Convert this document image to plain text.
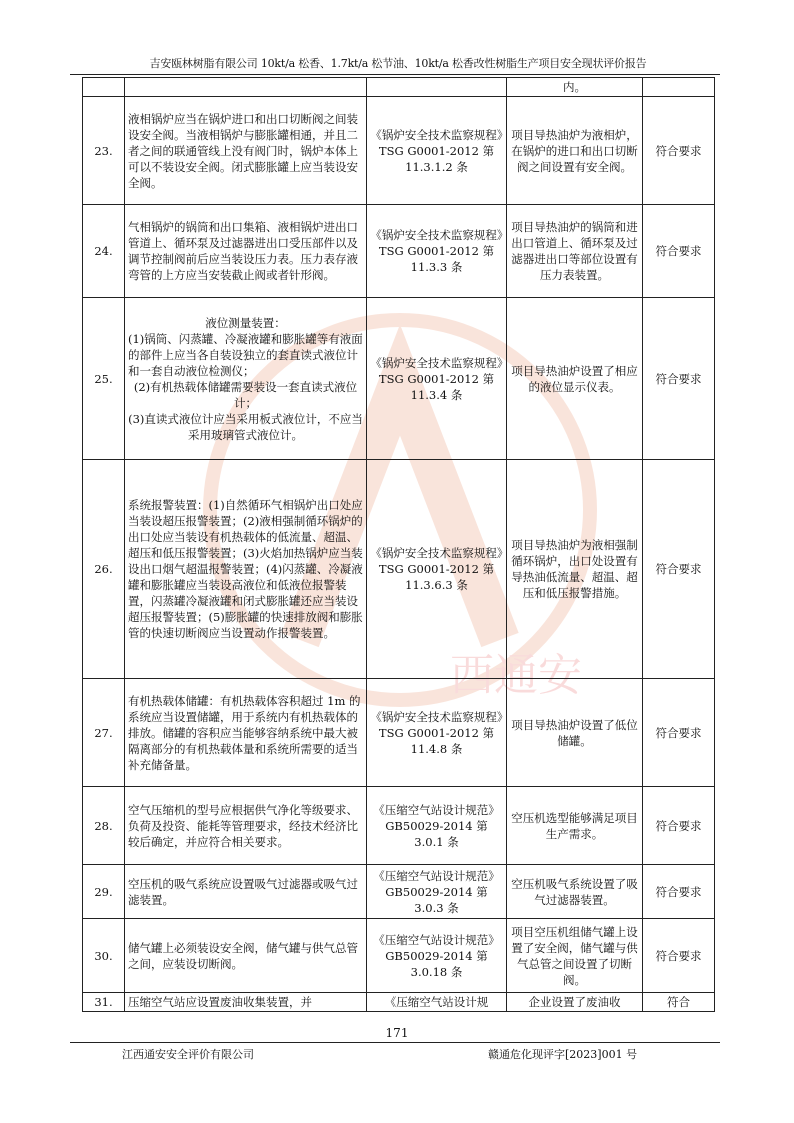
吉安瓯林树脂有限公司 10kt/a 松香、1.7kt/a 松节油、10kt/a 松香改性树脂生产项目安全现状评价报告
西通安
			内。	
23.	液相锅炉应当在锅炉进口和出口切断阀之间装设安全阀。当液相锅炉与膨胀罐相通，并且二者之间的联通管线上没有阀门时，锅炉本体上可以不装设安全阀。闭式膨胀罐上应当装设安全阀。	《锅炉安全技术监察规程》TSG G0001-2012 第11.3.1.2 条	项目导热油炉为液相炉，在锅炉的进口和出口切断阀之间设置有安全阀。	符合要求
24.	气相锅炉的锅筒和出口集箱、液相锅炉进出口管道上、循环泵及过滤器进出口受压部件以及调节控制阀前后应当装设压力表。压力表存液弯管的上方应当安装截止阀或者针形阀。	《锅炉安全技术监察规程》TSG G0001-2012 第11.3.3 条	项目导热油炉的锅筒和进出口管道上、循环泵及过滤器进出口等部位设置有压力表装置。	符合要求
25.	液位测量装置：
(1)锅筒、闪蒸罐、冷凝液罐和膨胀罐等有液面的部件上应当各自装设独立的套直读式液位计和一套自动液位检测仪；
(2)有机热载体储罐需要装设一套直读式液位计；
(3)直读式液位计应当采用板式液位计，不应当采用玻璃管式液位计。	《锅炉安全技术监察规程》TSG G0001-2012 第11.3.4 条	项目导热油炉设置了相应的液位显示仪表。	符合要求
26.	系统报警装置：(1)自然循环气相锅炉出口处应当装设超压报警装置；(2)液相强制循环锅炉的出口处应当装设有机热载体的低流量、超温、超压和低压报警装置；(3)火焰加热锅炉应当装设出口烟气超温报警装置；(4)闪蒸罐、冷凝液罐和膨胀罐应当装设高液位和低液位报警装置，闪蒸罐冷凝液罐和闭式膨胀罐还应当装设超压报警装置；(5)膨胀罐的快速排放阀和膨胀管的快速切断阀应当设置动作报警装置。	《锅炉安全技术监察规程》TSG G0001-2012 第11.3.6.3 条	项目导热油炉为液相强制循环锅炉，出口处设置有导热油低流量、超温、超压和低压报警措施。	符合要求
27.	有机热载体储罐：有机热载体容积超过 1m 的系统应当设置储罐，用于系统内有机热载体的排放。储罐的容积应当能够容纳系统中最大被隔离部分的有机热载体量和系统所需要的适当补充储备量。	《锅炉安全技术监察规程》TSG G0001-2012 第11.4.8 条	项目导热油炉设置了低位储罐。	符合要求
28.	空气压缩机的型号应根据供气净化等级要求、负荷及投资、能耗等管理要求，经技术经济比较后确定，并应符合相关要求。	《压缩空气站设计规范》GB50029-2014 第 3.0.1 条	空压机选型能够满足项目生产需求。	符合要求
29.	空压机的吸气系统应设置吸气过滤器或吸气过滤装置。	《压缩空气站设计规范》GB50029-2014 第 3.0.3 条	空压机吸气系统设置了吸气过滤器装置。	符合要求
30.	储气罐上必须装设安全阀，储气罐与供气总管之间，应装设切断阀。	《压缩空气站设计规范》GB50029-2014 第 3.0.18 条	项目空压机组储气罐上设置了安全阀，储气罐与供气总管之间设置了切断阀。	符合要求
31.	压缩空气站应设置废油收集装置，并	《压缩空气站设计规	企业设置了废油收	符合
171
江西通安安全评价有限公司	赣通危化现评字[2023]001 号
